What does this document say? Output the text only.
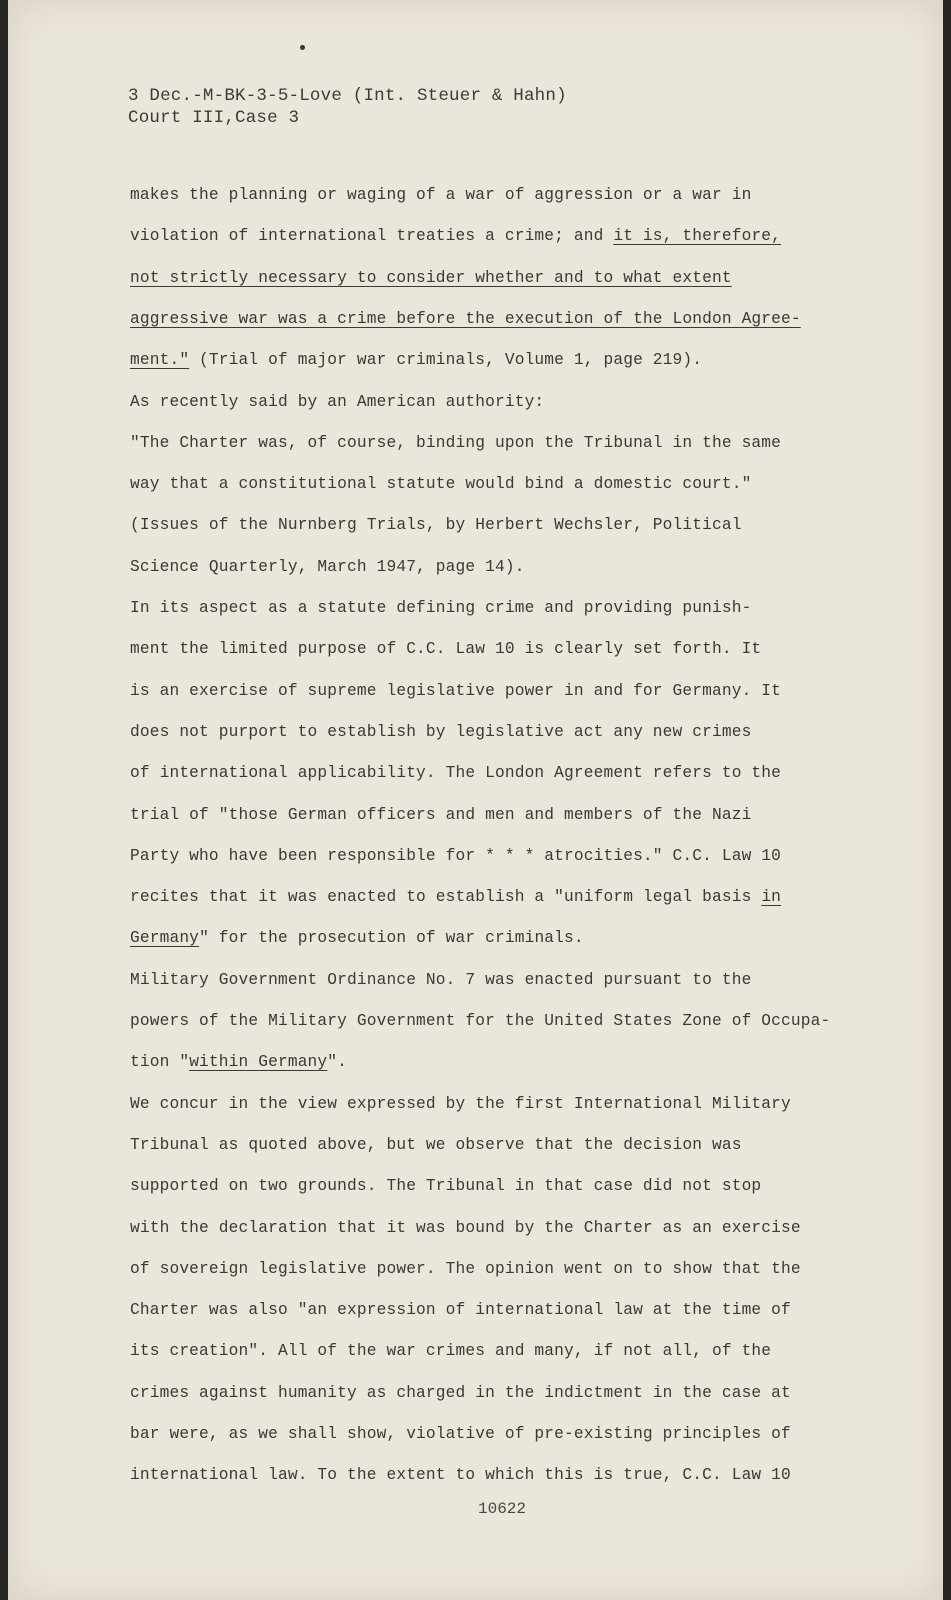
3 Dec.-M-BK-3-5-Love (Int. Steuer & Hahn)
Court III,Case 3
makes the planning or waging of a war of aggression or a war in
violation of international treaties a crime; and it is, therefore,
not strictly necessary to consider whether and to what extent
aggressive war was a crime before the execution of the London Agree-
ment." (Trial of major war criminals, Volume 1, page 219).
As recently said by an American authority:
"The Charter was, of course, binding upon the Tribunal in the same
way that a constitutional statute would bind a domestic court."
(Issues of the Nurnberg Trials, by Herbert Wechsler, Political
Science Quarterly, March 1947, page 14).
In its aspect as a statute defining crime and providing punish-
ment the limited purpose of C.C. Law 10 is clearly set forth. It
is an exercise of supreme legislative power in and for Germany. It
does not purport to establish by legislative act any new crimes
of international applicability. The London Agreement refers to the
trial of "those German officers and men and members of the Nazi
Party who have been responsible for * * * atrocities." C.C. Law 10
recites that it was enacted to establish a "uniform legal basis in
Germany" for the prosecution of war criminals.
Military Government Ordinance No. 7 was enacted pursuant to the
powers of the Military Government for the United States Zone of Occupa-
tion "within Germany".
We concur in the view expressed by the first International Military
Tribunal as quoted above, but we observe that the decision was
supported on two grounds. The Tribunal in that case did not stop
with the declaration that it was bound by the Charter as an exercise
of sovereign legislative power. The opinion went on to show that the
Charter was also "an expression of international law at the time of
its creation". All of the war crimes and many, if not all, of the
crimes against humanity as charged in the indictment in the case at
bar were, as we shall show, violative of pre-existing principles of
international law. To the extent to which this is true, C.C. Law 10
10622
